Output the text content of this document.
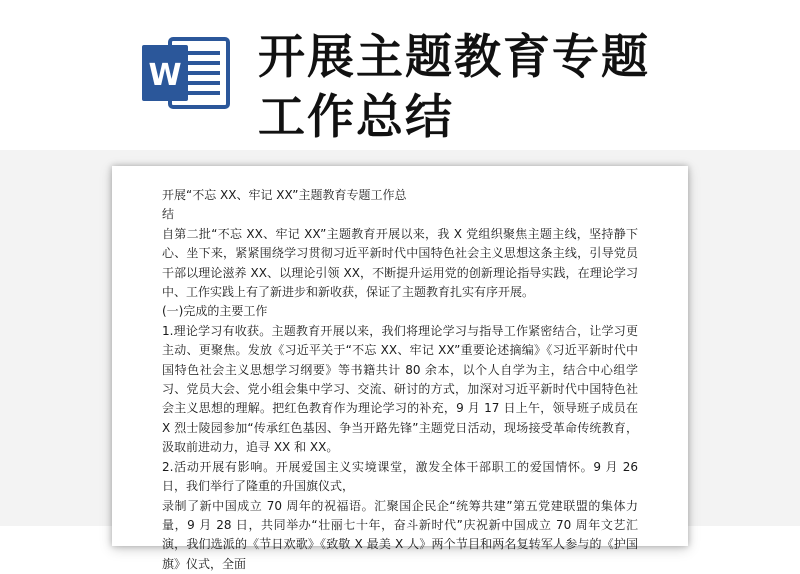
W 开展主题教育专题工作总结

开展“不忘 XX、牢记 XX”主题教育专题工作总

结

自第二批“不忘 XX、牢记 XX”主题教育开展以来，我 X 党组织聚焦主题主线，坚持静下心、坐下来，紧紧围绕学习贯彻习近平新时代中国特色社会主义思想这条主线，引导党员干部以理论滋养 XX、以理论引领 XX，不断提升运用党的创新理论指导实践，在理论学习中、工作实践上有了新进步和新收获，保证了主题教育扎实有序开展。

(一)完成的主要工作

1.理论学习有收获。主题教育开展以来，我们将理论学习与指导工作紧密结合，让学习更主动、更聚焦。发放《习近平关于“不忘 XX、牢记 XX”重要论述摘编》《习近平新时代中国特色社会主义思想学习纲要》等书籍共计 80 余本，以个人自学为主，结合中心组学习、党员大会、党小组会集中学习、交流、研讨的方式，加深对习近平新时代中国特色社会主义思想的理解。把红色教育作为理论学习的补充，9 月 17 日上午，领导班子成员在 X 烈士陵园参加“传承红色基因、争当开路先锋”主题党日活动，现场接受革命传统教育，汲取前进动力，追寻 XX 和 XX。

2.活动开展有影响。开展爱国主义实境课堂，激发全体干部职工的爱国情怀。9 月 26 日，我们举行了隆重的升国旗仪式，

录制了新中国成立 70 周年的祝福语。汇聚国企民企“统筹共建”第五党建联盟的集体力量，9 月 28 日，共同举办“壮丽七十年，奋斗新时代”庆祝新中国成立 70 周年文艺汇演，我们选派的《节日欢歌》《致敬 X 最美 X 人》两个节目和两名复转军人参与的《护国旗》仪式，全面
